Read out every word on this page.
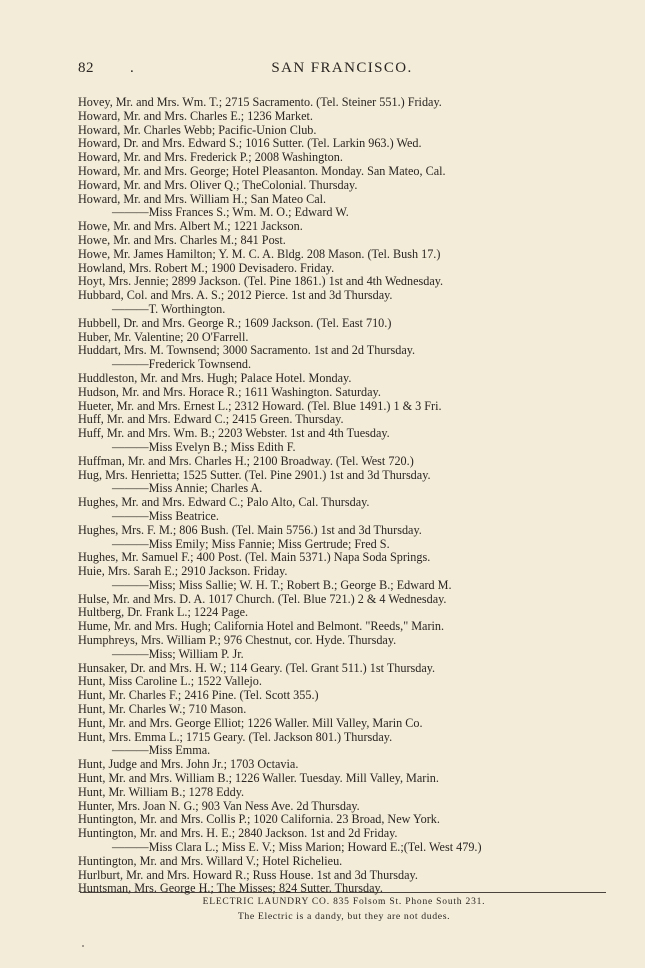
82 .	SAN FRANCISCO.
Hovey, Mr. and Mrs. Wm. T.; 2715 Sacramento. (Tel. Steiner 551.) Friday.
Howard, Mr. and Mrs. Charles E.; 1236 Market.
Howard, Mr. Charles Webb; Pacific-Union Club.
Howard, Dr. and Mrs. Edward S.; 1016 Sutter. (Tel. Larkin 963.) Wed.
Howard, Mr. and Mrs. Frederick P.; 2008 Washington.
Howard, Mr. and Mrs. George; Hotel Pleasanton. Monday. San Mateo, Cal.
Howard, Mr. and Mrs. Oliver Q.; TheColonial. Thursday.
Howard, Mr. and Mrs. William H.; San Mateo Cal.
———Miss Frances S.; Wm. M. O.; Edward W.
Howe, Mr. and Mrs. Albert M.; 1221 Jackson.
Howe, Mr. and Mrs. Charles M.; 841 Post.
Howe, Mr. James Hamilton; Y. M. C. A. Bldg. 208 Mason. (Tel. Bush 17.)
Howland, Mrs. Robert M.; 1900 Devisadero. Friday.
Hoyt, Mrs. Jennie; 2899 Jackson. (Tel. Pine 1861.) 1st and 4th Wednesday.
Hubbard, Col. and Mrs. A. S.; 2012 Pierce. 1st and 3d Thursday.
———T. Worthington.
Hubbell, Dr. and Mrs. George R.; 1609 Jackson. (Tel. East 710.)
Huber, Mr. Valentine; 20 O'Farrell.
Huddart, Mrs. M. Townsend; 3000 Sacramento. 1st and 2d Thursday.
———Frederick Townsend.
Huddleston, Mr. and Mrs. Hugh; Palace Hotel. Monday.
Hudson, Mr. and Mrs. Horace R.; 1611 Washington. Saturday.
Hueter, Mr. and Mrs. Ernest L.; 2312 Howard. (Tel. Blue 1491.) 1 & 3 Fri.
Huff, Mr. and Mrs. Edward C.; 2415 Green. Thursday.
Huff, Mr. and Mrs. Wm. B.; 2203 Webster. 1st and 4th Tuesday.
———Miss Evelyn B.; Miss Edith F.
Huffman, Mr. and Mrs. Charles H.; 2100 Broadway. (Tel. West 720.)
Hug, Mrs. Henrietta; 1525 Sutter. (Tel. Pine 2901.) 1st and 3d Thursday.
———Miss Annie; Charles A.
Hughes, Mr. and Mrs. Edward C.; Palo Alto, Cal. Thursday.
———Miss Beatrice.
Hughes, Mrs. F. M.; 806 Bush. (Tel. Main 5756.) 1st and 3d Thursday.
———Miss Emily; Miss Fannie; Miss Gertrude; Fred S.
Hughes, Mr. Samuel F.; 400 Post. (Tel. Main 5371.) Napa Soda Springs.
Huie, Mrs. Sarah E.; 2910 Jackson. Friday.
———Miss; Miss Sallie; W. H. T.; Robert B.; George B.; Edward M.
Hulse, Mr. and Mrs. D. A. 1017 Church. (Tel. Blue 721.) 2 & 4 Wednesday.
Hultberg, Dr. Frank L.; 1224 Page.
Hume, Mr. and Mrs. Hugh; California Hotel and Belmont. "Reeds," Marin.
Humphreys, Mrs. William P.; 976 Chestnut, cor. Hyde. Thursday.
———Miss; William P. Jr.
Hunsaker, Dr. and Mrs. H. W.; 114 Geary. (Tel. Grant 511.) 1st Thursday.
Hunt, Miss Caroline L.; 1522 Vallejo.
Hunt, Mr. Charles F.; 2416 Pine. (Tel. Scott 355.)
Hunt, Mr. Charles W.; 710 Mason.
Hunt, Mr. and Mrs. George Elliot; 1226 Waller. Mill Valley, Marin Co.
Hunt, Mrs. Emma L.; 1715 Geary. (Tel. Jackson 801.) Thursday.
———Miss Emma.
Hunt, Judge and Mrs. John Jr.; 1703 Octavia.
Hunt, Mr. and Mrs. William B.; 1226 Waller. Tuesday. Mill Valley, Marin.
Hunt, Mr. William B.; 1278 Eddy.
Hunter, Mrs. Joan N. G.; 903 Van Ness Ave. 2d Thursday.
Huntington, Mr. and Mrs. Collis P.; 1020 California. 23 Broad, New York.
Huntington, Mr. and Mrs. H. E.; 2840 Jackson. 1st and 2d Friday.
———Miss Clara L.; Miss E. V.; Miss Marion; Howard E.;(Tel. West 479.)
Huntington, Mr. and Mrs. Willard V.; Hotel Richelieu.
Hurlburt, Mr. and Mrs. Howard R.; Russ House. 1st and 3d Thursday.
Huntsman, Mrs. George H.; The Misses; 824 Sutter. Thursday.
ELECTRIC LAUNDRY CO. 835 Folsom St. Phone South 231.
The Electric is a dandy, but they are not dudes.
